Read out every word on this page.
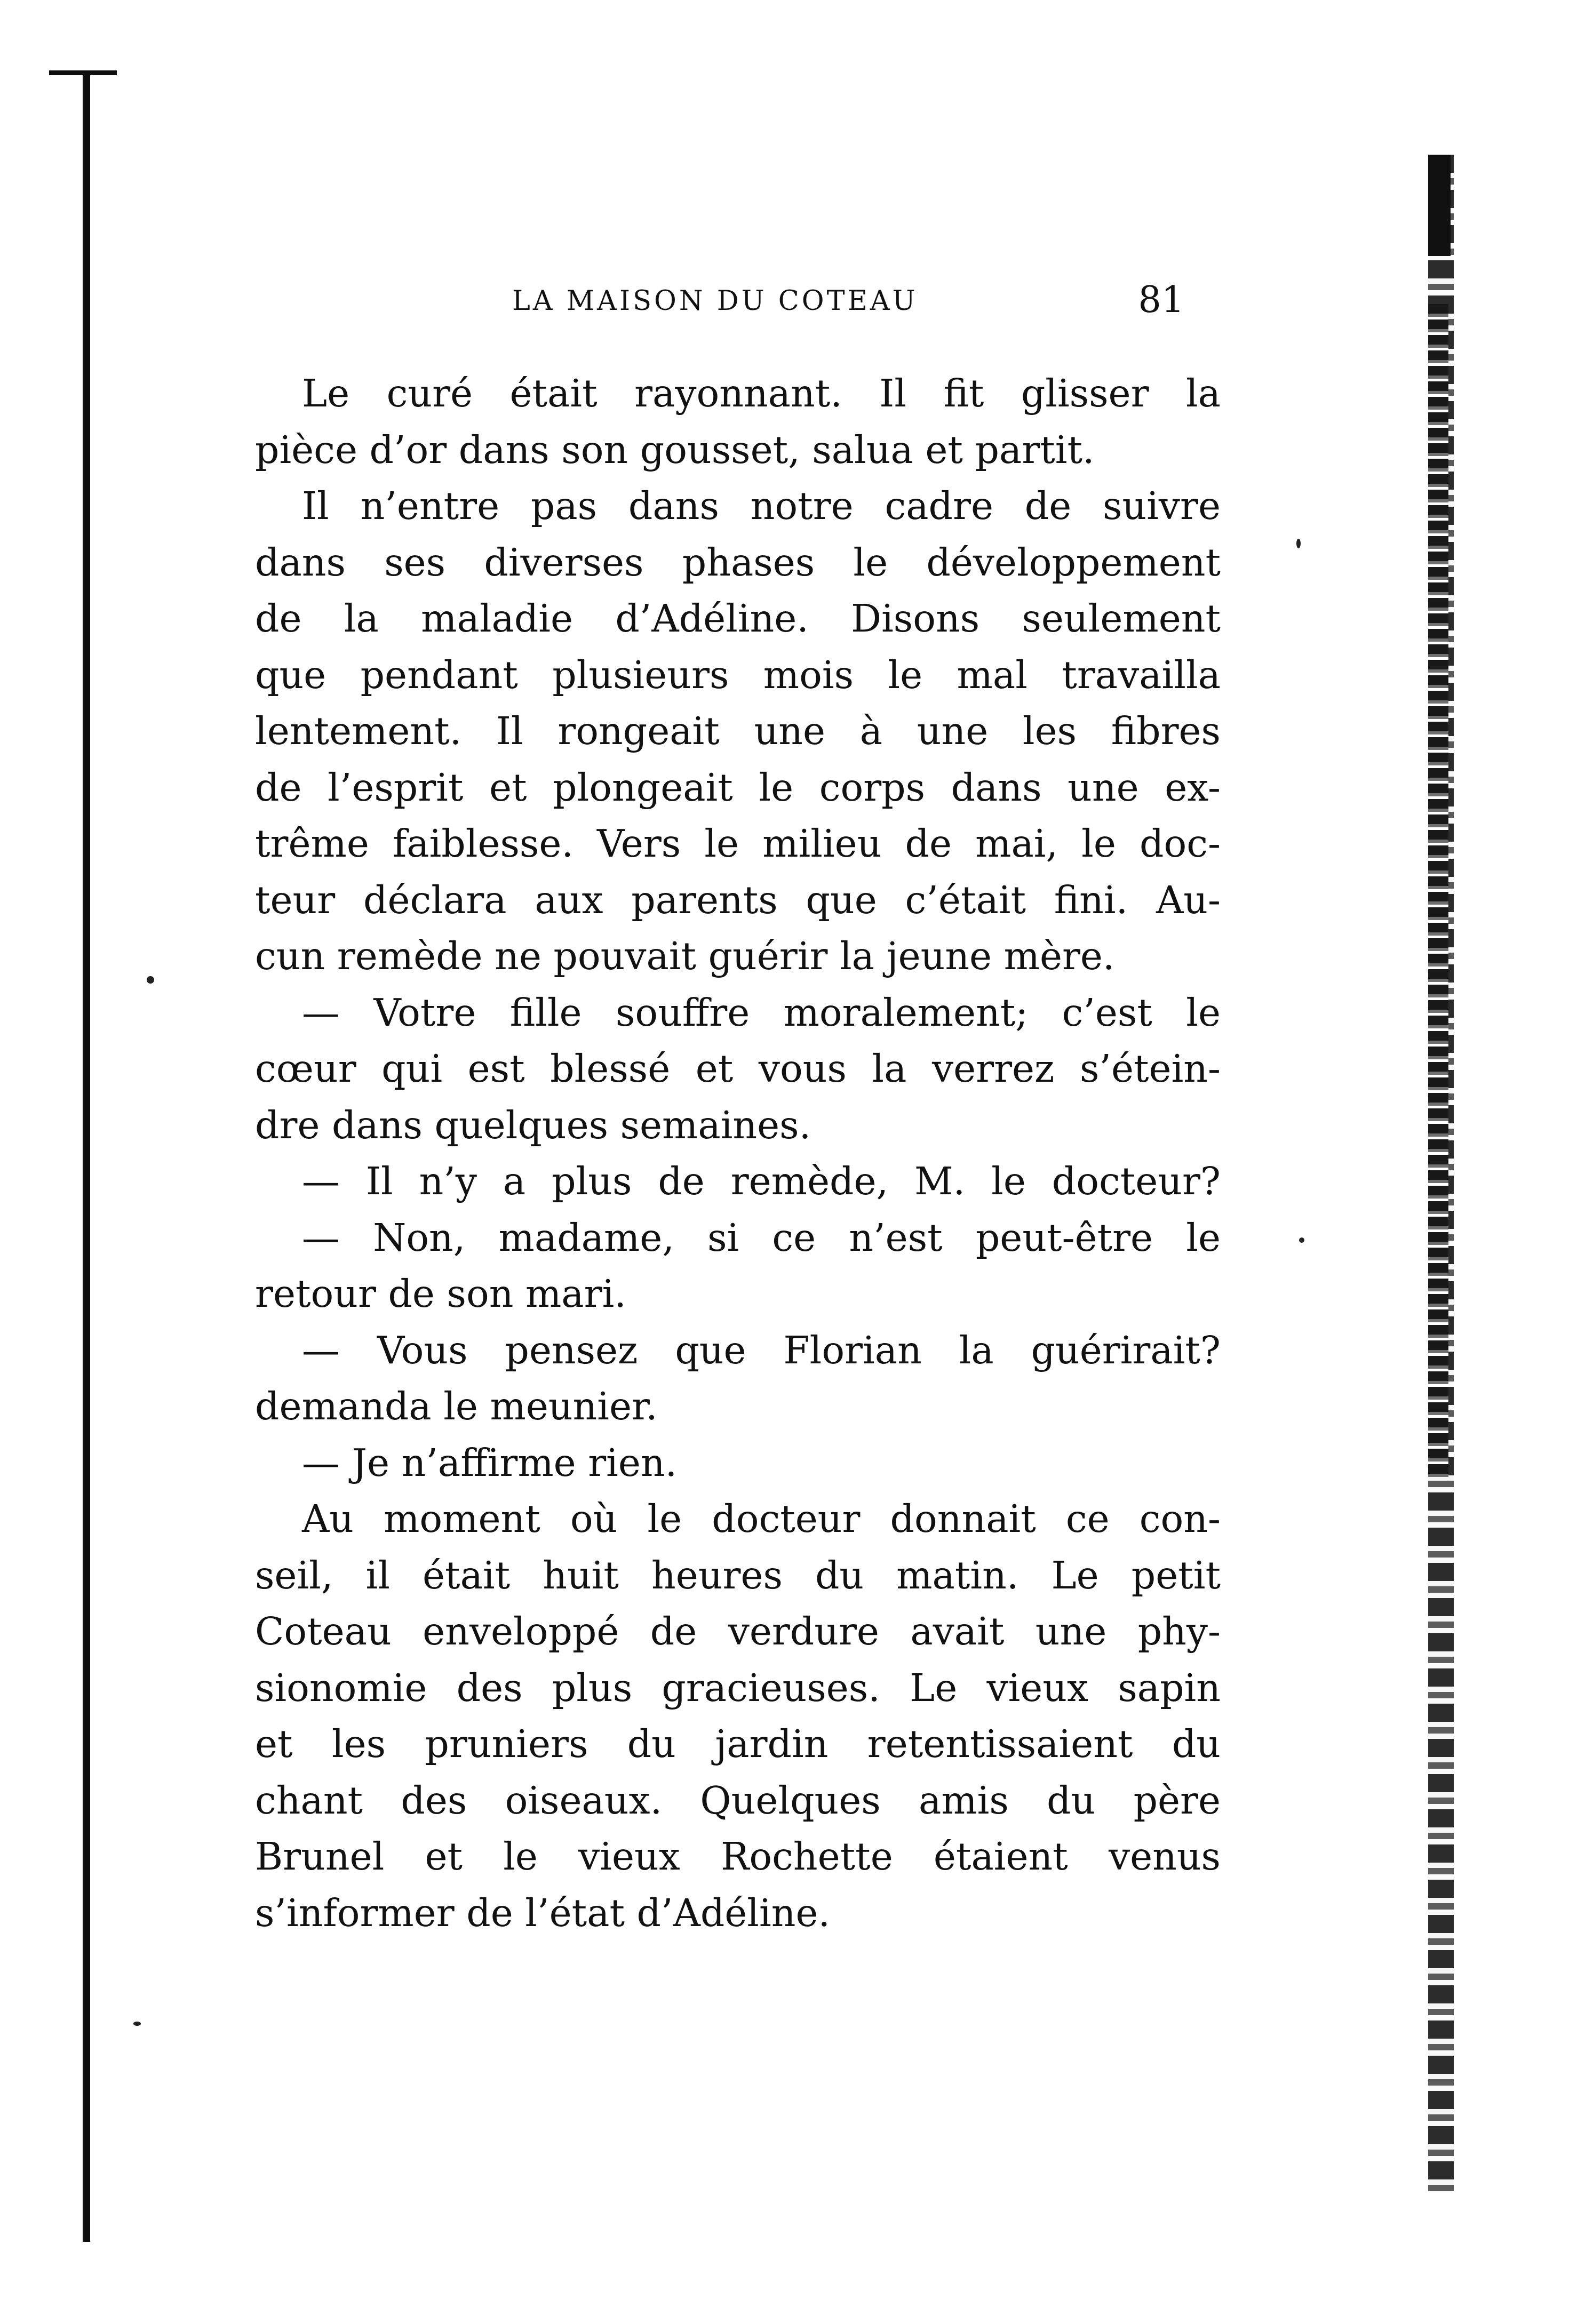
LA MAISON DU COTEAU	81
Le curé était rayonnant. Il fit glisser la
pièce d’or dans son gousset, salua et partit.
Il n’entre pas dans notre cadre de suivre
dans ses diverses phases le développement
de la maladie d’Adéline. Disons seulement
que pendant plusieurs mois le mal travailla
lentement. Il rongeait une à une les fibres
de l’esprit et plongeait le corps dans une ex-
trême faiblesse. Vers le milieu de mai, le doc-
teur déclara aux parents que c’était fini. Au-
cun remède ne pouvait guérir la jeune mère.
— Votre fille souffre moralement; c’est le
cœur qui est blessé et vous la verrez s’étein-
dre dans quelques semaines.
— Il n’y a plus de remède, M. le docteur?
— Non, madame, si ce n’est peut-être le
retour de son mari.
— Vous pensez que Florian la guérirait?
demanda le meunier.
— Je n’affirme rien.
Au moment où le docteur donnait ce con-
seil, il était huit heures du matin. Le petit
Coteau enveloppé de verdure avait une phy-
sionomie des plus gracieuses. Le vieux sapin
et les pruniers du jardin retentissaient du
chant des oiseaux. Quelques amis du père
Brunel et le vieux Rochette étaient venus
s’informer de l’état d’Adéline.
